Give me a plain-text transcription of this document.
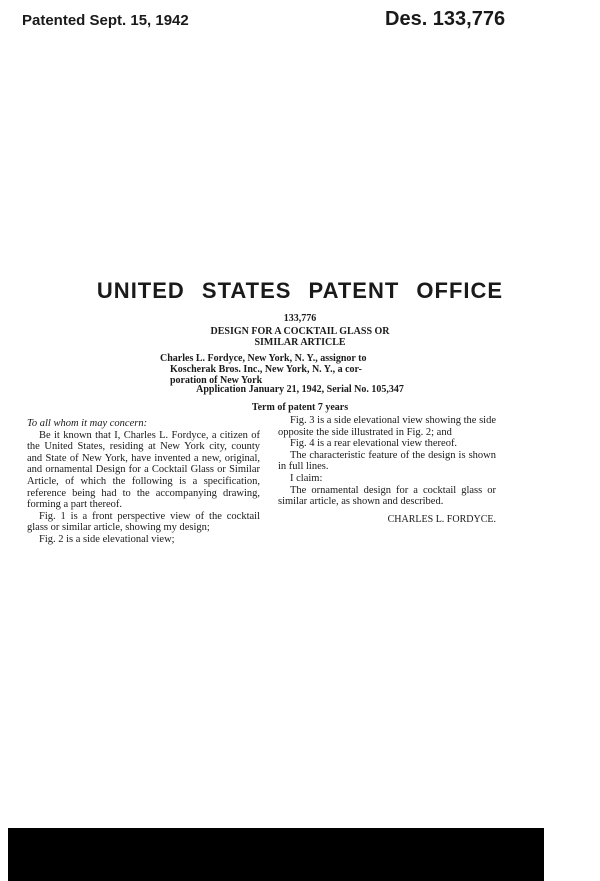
Patented Sept. 15, 1942	Des. 133,776
UNITED STATES PATENT OFFICE
133,776
DESIGN FOR A COCKTAIL GLASS OR
SIMILAR ARTICLE
Charles L. Fordyce, New York, N. Y., assignor to

Koscherak Bros. Inc., New York, N. Y., a cor-
poration of New York
Application January 21, 1942, Serial No. 105,347
Term of patent 7 years

To all whom it may concern:

Be it known that I, Charles L. Fordyce, a citizen of the United States, residing at New York city, county and State of New York, have invented a new, original, and ornamental Design for a Cocktail Glass or Similar Article, of which the following is a specification, reference being had to the accompanying drawing, forming a part thereof.

Fig. 1 is a front perspective view of the cocktail glass or similar article, showing my design;

Fig. 2 is a side elevational view;

Fig. 3 is a side elevational view showing the side opposite the side illustrated in Fig. 2; and

Fig. 4 is a rear elevational view thereof.

The characteristic feature of the design is shown in full lines.

I claim:

The ornamental design for a cocktail glass or similar article, as shown and described.

CHARLES L. FORDYCE.
